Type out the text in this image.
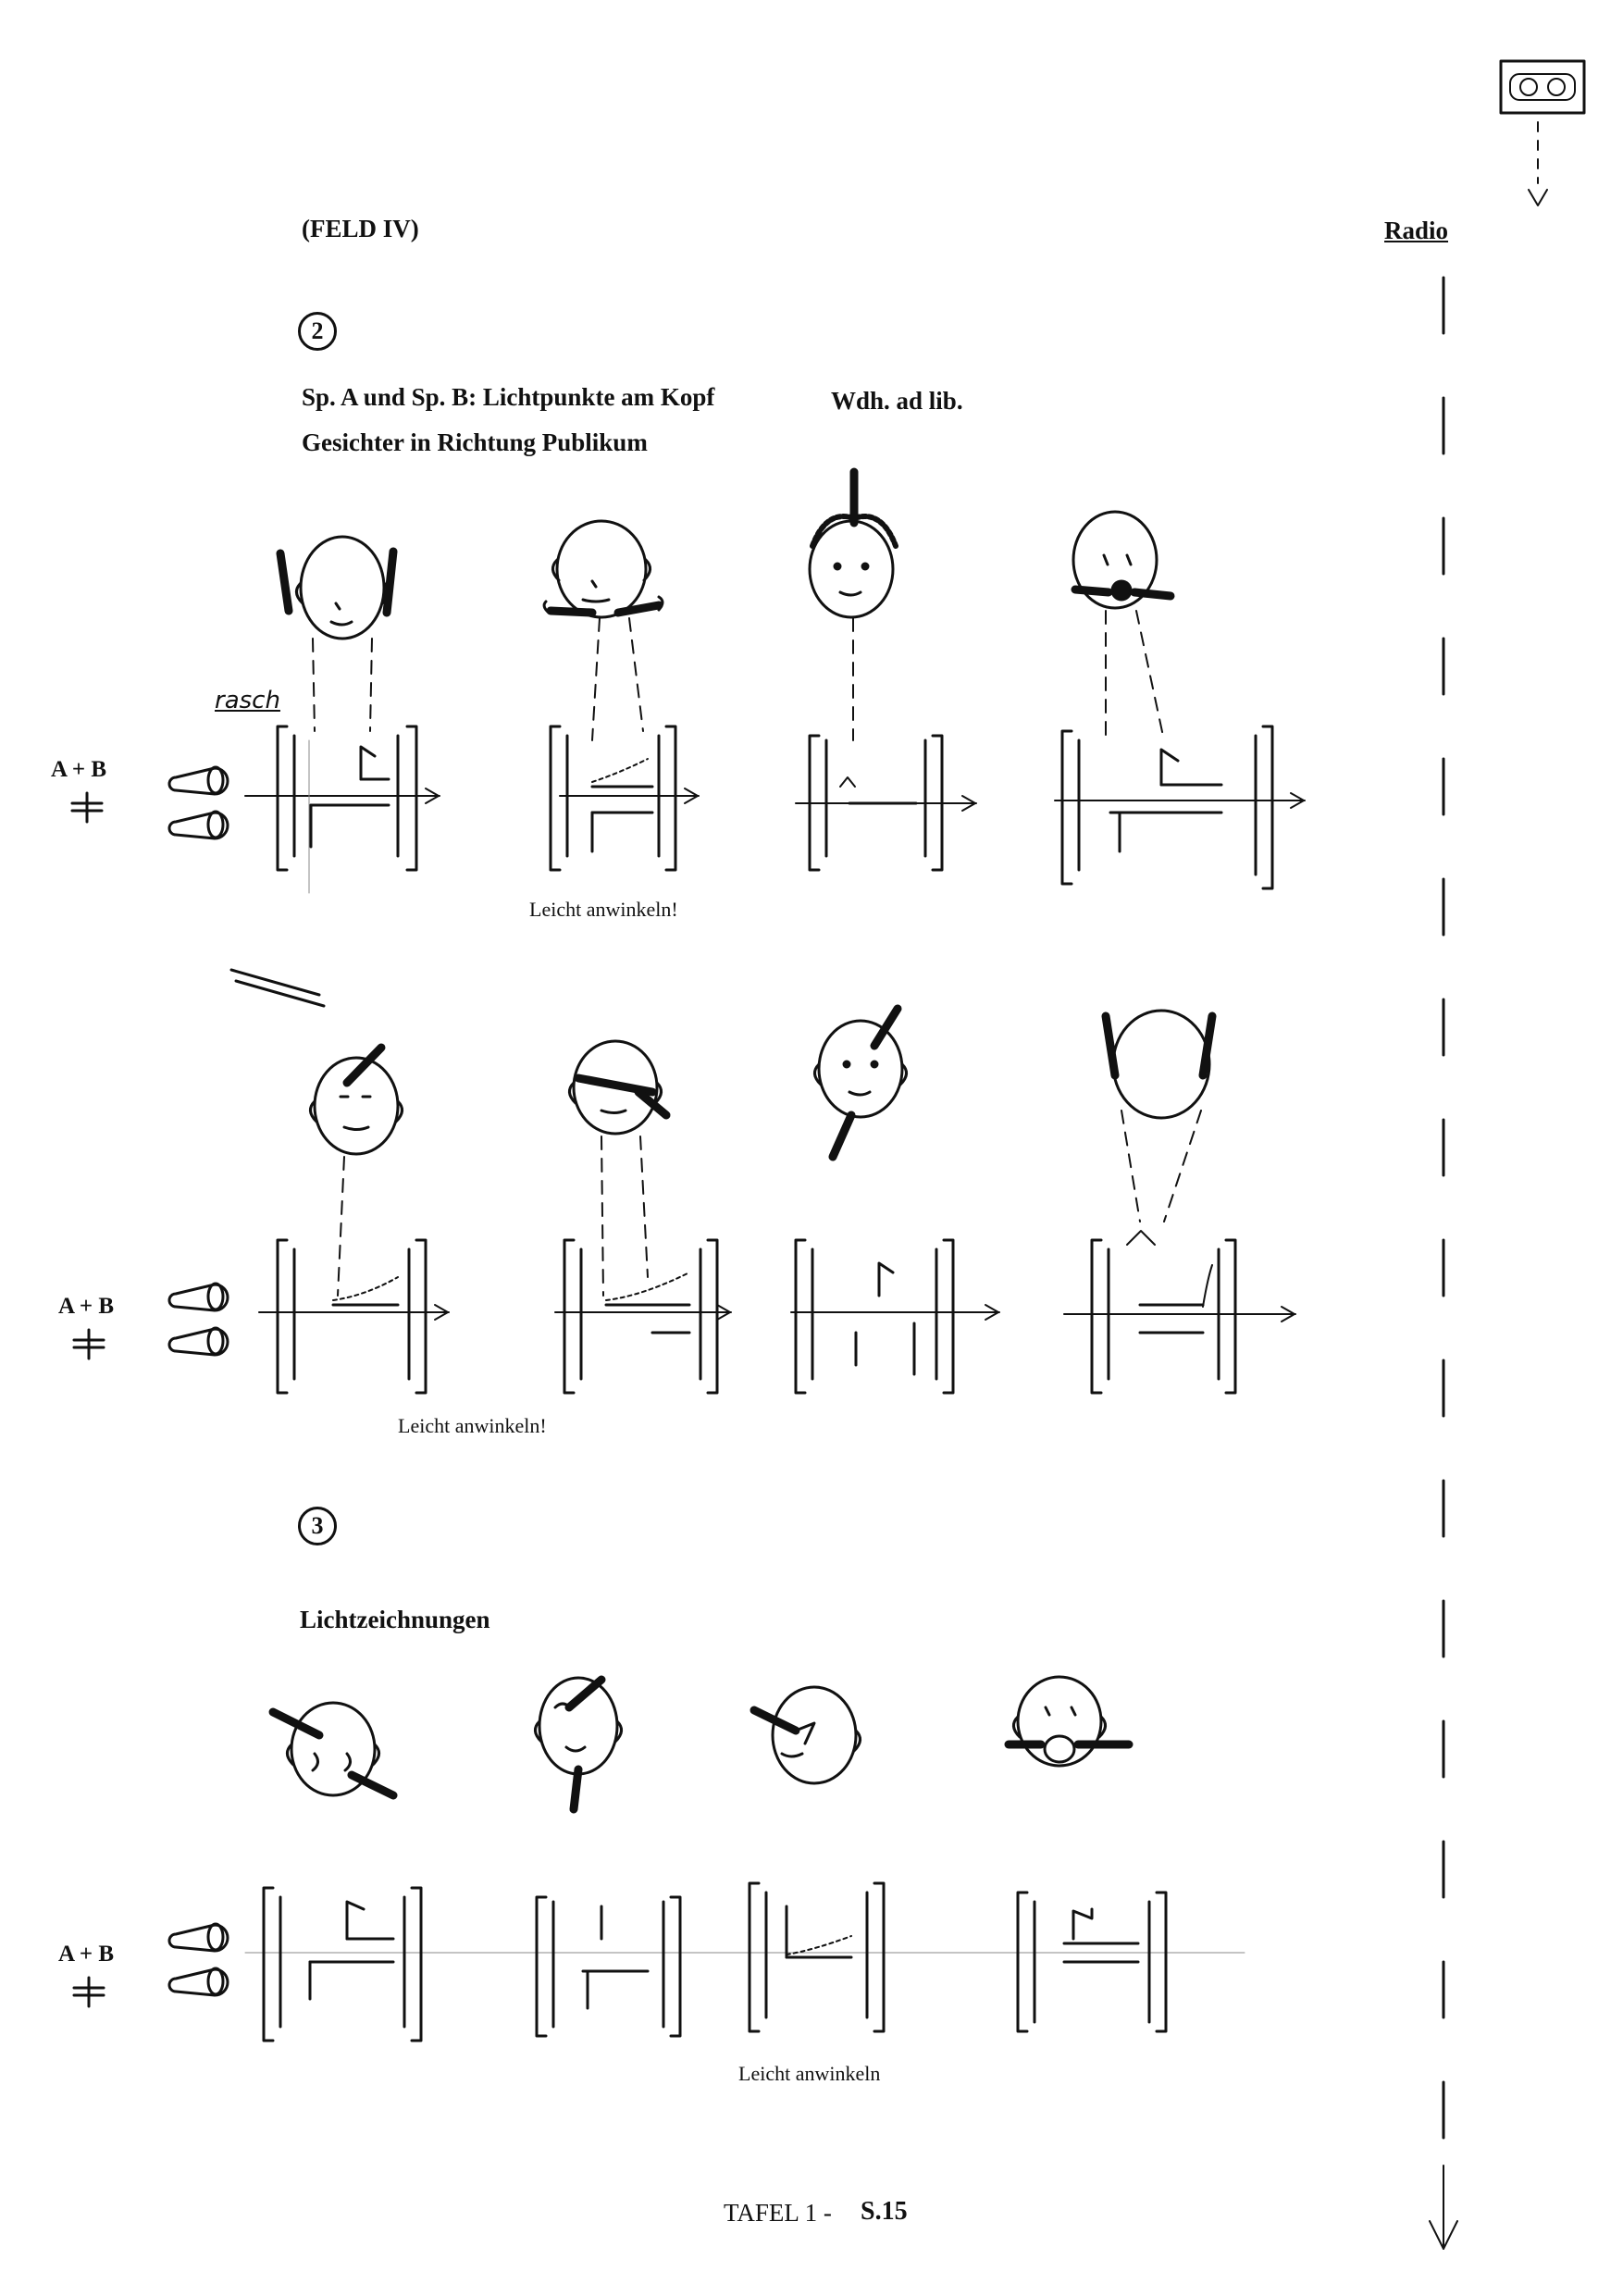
(FELD IV)	Radio
2
Sp. A und Sp. B: Lichtpunkte am Kopf	Wdh. ad lib.
Gesichter in Richtung Publikum
rasch
A + B
A + B
A + B
Leicht anwinkeln!
Leicht anwinkeln!
Leicht anwinkeln
3
Lichtzeichnungen
TAFEL 1 - S.15
